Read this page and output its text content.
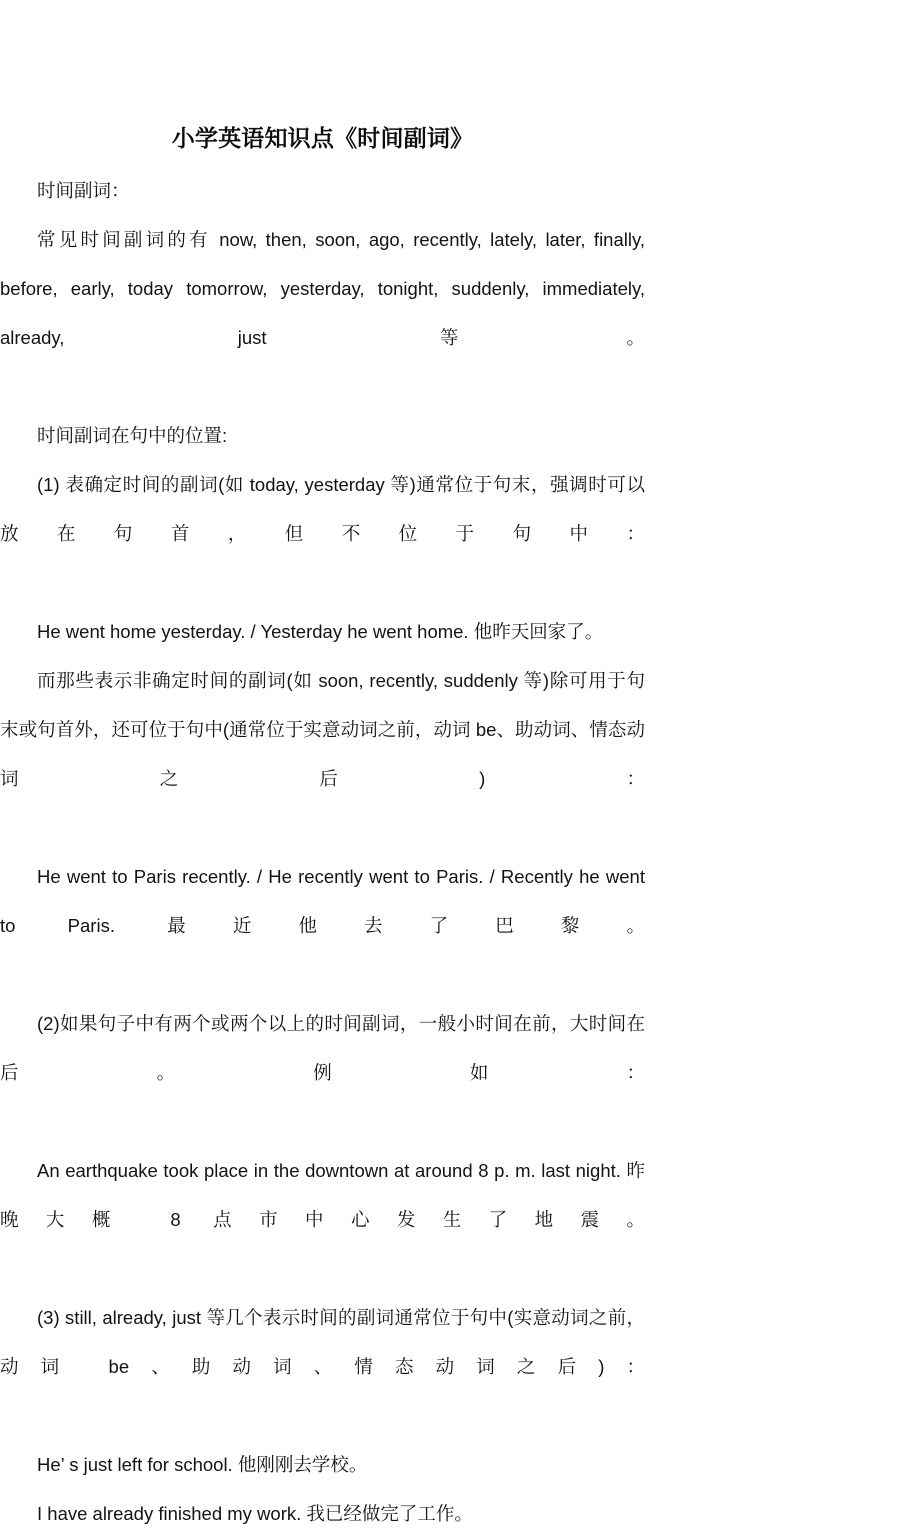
小学英语知识点《时间副词》

时间副词：

常见时间副词的有 now, then, soon, ago, recently, lately, later, finally, before, early, today tomorrow, yesterday, tonight, suddenly, immediately, already, just 等。

时间副词在句中的位置:

(1) 表确定时间的副词(如 today, yesterday 等)通常位于句末，强调时可以放在句首，但不位于句中：

He went home yesterday. / Yesterday he went home. 他昨天回家了。

而那些表示非确定时间的副词(如 soon, recently, suddenly 等)除可用于句末或句首外，还可位于句中(通常位于实意动词之前，动词 be、助动词、情态动词之后)：

He went to Paris recently. / He recently went to Paris. / Recently he went to Paris. 最近他去了巴黎。

(2)如果句子中有两个或两个以上的时间副词，一般小时间在前，大时间在后。例如：

An earthquake took place in the downtown at around 8 p. m. last night. 昨晚大概 8 点市中心发生了地震。

(3) still, already, just 等几个表示时间的副词通常位于句中(实意动词之前，动词 be、助动词、情态动词之后)：

He’ s just left for school. 他刚刚去学校。

I have already finished my work. 我已经做完了工作。
